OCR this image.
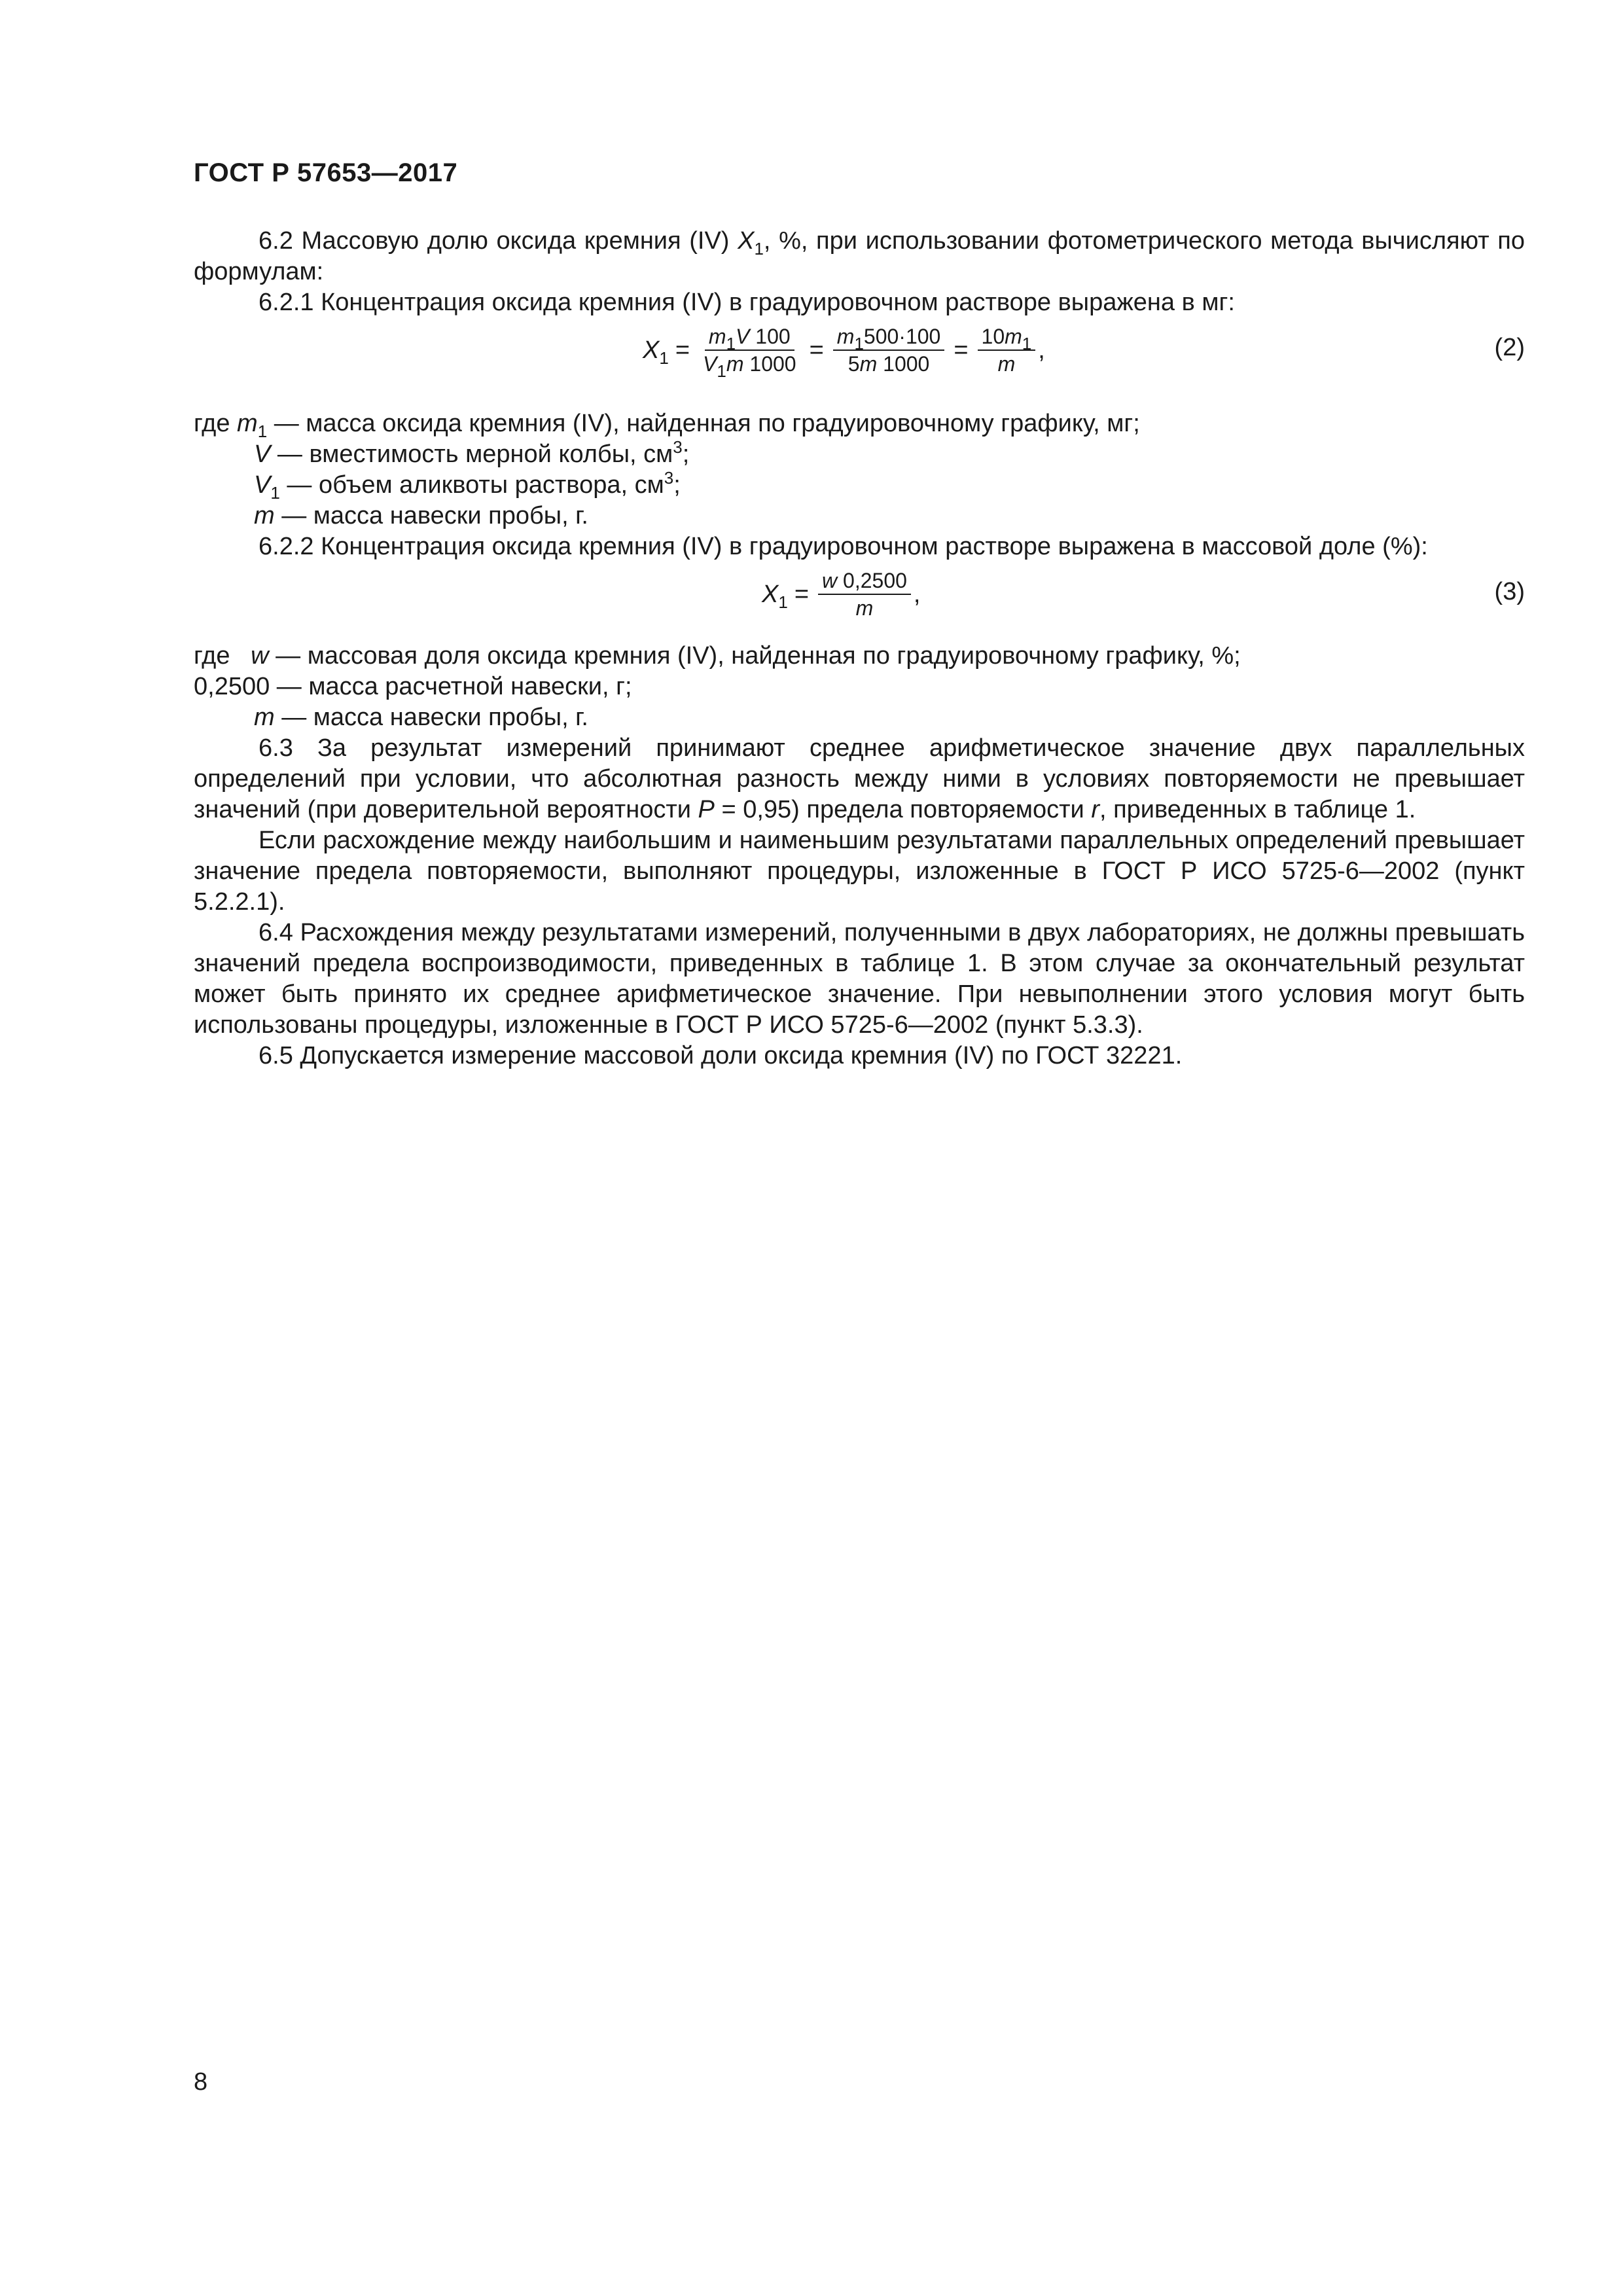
ГОСТ Р 57653—2017

6.2 Массовую долю оксида кремния (IV) $X_1$, %, при использовании фотометрического метода вычисляют по формулам:

6.2.1 Концентрация оксида кремния (IV) в градуировочном растворе выражена в мг:

$X_1 = \frac{m_1V 100}{V_1m 1000} = \frac{m_1500\cdot 100}{5m 1000} = \frac{10m_1}{m}$ ,	(2)

где $m_1$ — масса оксида кремния (IV), найденная по градуировочному графику, мг;

V — вместимость мерной колбы, $см^3$;

$V_1$ — объем аликвоты раствора, $см^3$;

m — масса навески пробы, г.

6.2.2 Концентрация оксида кремния (IV) в градуировочном растворе выражена в массовой доле (%):

$X_1 = \frac{w 0,2500}{m}$ ,	(3)

где   w — массовая доля оксида кремния (IV), найденная по градуировочному графику, %;

0,2500 — масса расчетной навески, г;

m — масса навески пробы, г.

6.3 За результат измерений принимают среднее арифметическое значение двух параллельных определений при условии, что абсолютная разность между ними в условиях повторяемости не превышает значений (при доверительной вероятности P = 0,95) предела повторяемости r, приведенных в таблице 1.

Если расхождение между наибольшим и наименьшим результатами параллельных определений превышает значение предела повторяемости, выполняют процедуры, изложенные в ГОСТ Р ИСО 5725-6—2002 (пункт 5.2.2.1).

6.4 Расхождения между результатами измерений, полученными в двух лабораториях, не должны превышать значений предела воспроизводимости, приведенных в таблице 1. В этом случае за окончательный результат может быть принято их среднее арифметическое значение. При невыполнении этого условия могут быть использованы процедуры, изложенные в ГОСТ Р ИСО 5725-6—2002 (пункт 5.3.3).

6.5 Допускается измерение массовой доли оксида кремния (IV) по ГОСТ 32221.

8
